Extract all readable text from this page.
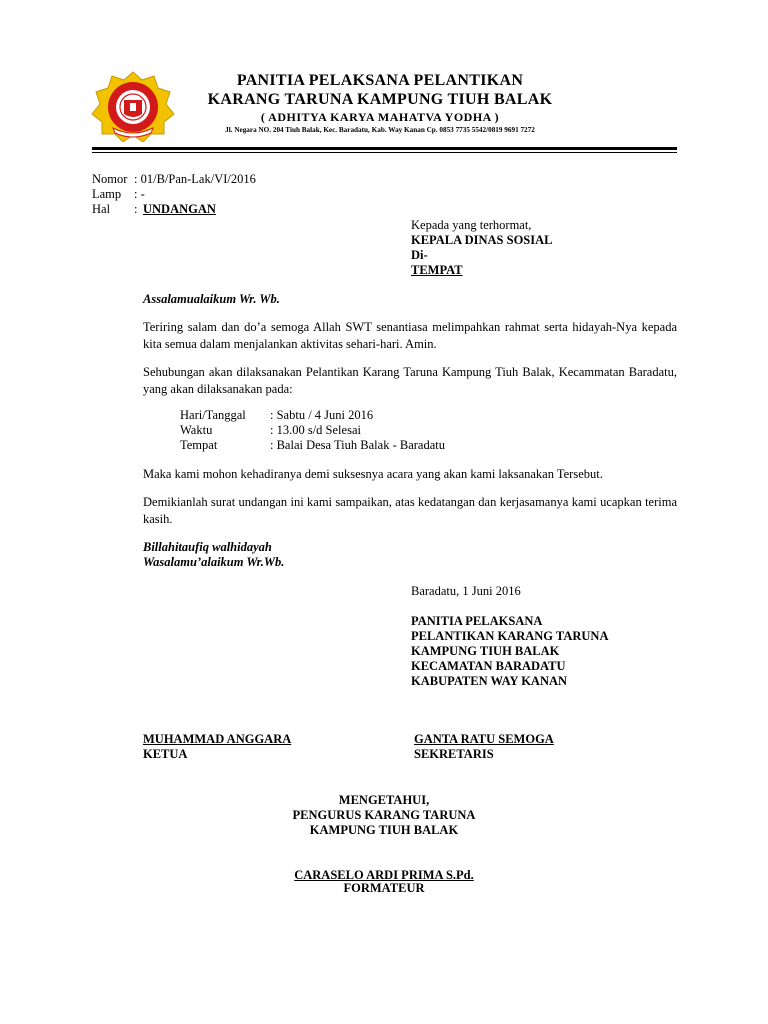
PANITIA PELAKSANA PELANTIKAN
KARANG TARUNA KAMPUNG TIUH BALAK
( ADHITYA KARYA MAHATVA YODHA )
Jl. Negara NO. 204 Tiuh Balak, Kec. Baradatu, Kab. Way Kanan Cp. 0853 7735 5542/0819 9691 7272
Nomor : 01/B/Pan-Lak/VI/2016
Lamp : -
Hal : UNDANGAN
Kepada yang terhormat,
KEPALA DINAS SOSIAL
Di-
TEMPAT
Assalamualaikum Wr. Wb.
Teriring salam dan do’a semoga Allah SWT senantiasa melimpahkan rahmat serta hidayah-Nya kepada kita semua dalam menjalankan aktivitas sehari-hari. Amin.
Sehubungan akan dilaksanakan Pelantikan Karang Taruna Kampung Tiuh Balak, Kecammatan Baradatu, yang akan dilaksanakan pada:
Hari/Tanggal : Sabtu / 4 Juni 2016
Waktu	: 13.00 s/d Selesai
Tempat	: Balai Desa Tiuh Balak - Baradatu
Maka kami mohon kehadiranya demi suksesnya acara yang akan kami laksanakan Tersebut.
Demikianlah surat undangan ini kami sampaikan, atas kedatangan dan kerjasamanya kami ucapkan terima kasih.
Billahitaufiq walhidayah
Wasalamu’alaikum Wr.Wb.
Baradatu, 1 Juni 2016
PANITIA PELAKSANA
PELANTIKAN KARANG TARUNA
KAMPUNG TIUH BALAK
KECAMATAN BARADATU
KABUPATEN WAY KANAN
MUHAMMAD ANGGARA
KETUA
GANTA RATU SEMOGA
SEKRETARIS
MENGETAHUI,
PENGURUS KARANG TARUNA
KAMPUNG TIUH BALAK
CARASELO ARDI PRIMA S.Pd.
FORMATEUR
